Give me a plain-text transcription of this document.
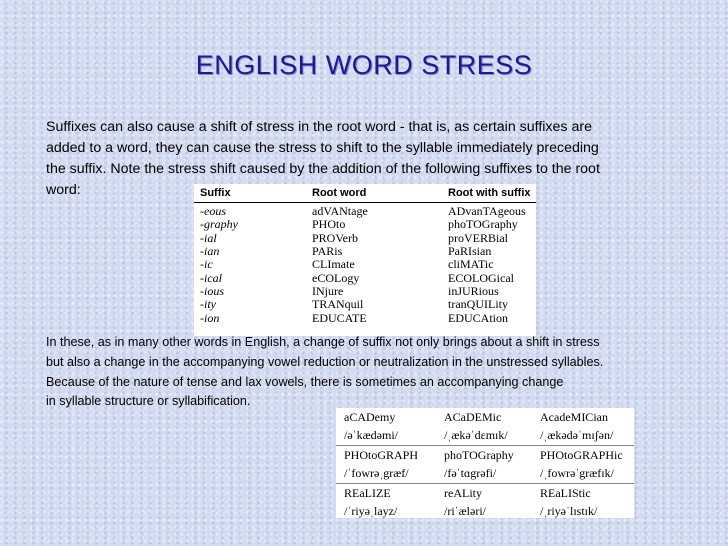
ENGLISH WORD STRESS
Suffixes can also cause a shift of stress in the root word - that is, as certain suffixes are
added to a word, they can cause the stress to shift to the syllable immediately preceding
the suffix. Note the stress shift caused by the addition of the following suffixes to the root
word:	Suffix	Root word	Root with suffix
-eous	adVANtage	ADvanTAgeous
-graphy	PHOto	phoTOGraphy
-ial	PROVerb	proVERBial
-ian	PARis	PaRIsian
-ic	CLImate	cliMATic
-ical	eCOLogy	ECOLOGical
-ious	INjure	inJURious
-ity	TRANquil	tranQUILity
-ion	EDUCATE	EDUCAtion
In these, as in many other words in English, a change of suffix not only brings about a shift in stress
but also a change in the accompanying vowel reduction or neutralization in the unstressed syllables.
Because of the nature of tense and lax vowels, there is sometimes an accompanying change
in syllable structure or syllabification.
aCADemy	ACaDEMic	AcadeMICian
/əˈkædəmi/	/ˌækəˈdɛmɪk/	/ˌækədəˈmɪʃən/
PHOtoGRAPH	phoTOGraphy	PHOtoGRAPHic
/ˈfowrəˌgræf/	/fəˈtɑgrəfi/	/ˌfowrəˈgræfɪk/
REaLIZE	reALity	REaLIStic
/ˈriyəˌlayz/	/riˈæləri/	/ˌriyəˈlɪstɪk/
